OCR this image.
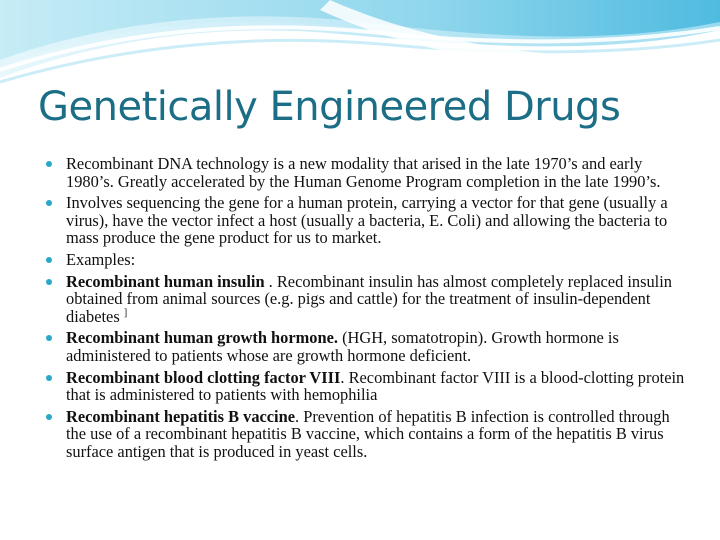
Genetically Engineered Drugs
Recombinant DNA technology is a new modality that arised in the late 1970’s and early 1980’s. Greatly accelerated by the Human Genome Program completion in the late 1990’s.
Involves sequencing the gene for a human protein, carrying a vector for that gene (usually a virus), have the vector infect a host (usually a bacteria, E. Coli) and allowing the bacteria to mass produce the gene product for us to market.
Examples:
Recombinant human insulin . Recombinant insulin has almost completely replaced insulin obtained from animal sources (e.g. pigs and cattle) for the treatment of insulin-dependent diabetes ]
Recombinant human growth hormone. (HGH, somatotropin). Growth hormone is administered to patients whose are growth hormone deficient.
Recombinant blood clotting factor VIII. Recombinant factor VIII is a blood-clotting protein that is administered to patients with hemophilia
Recombinant hepatitis B vaccine. Prevention of hepatitis B infection is controlled through the use of a recombinant hepatitis B vaccine, which contains a form of the hepatitis B virus surface antigen that is produced in yeast cells.
